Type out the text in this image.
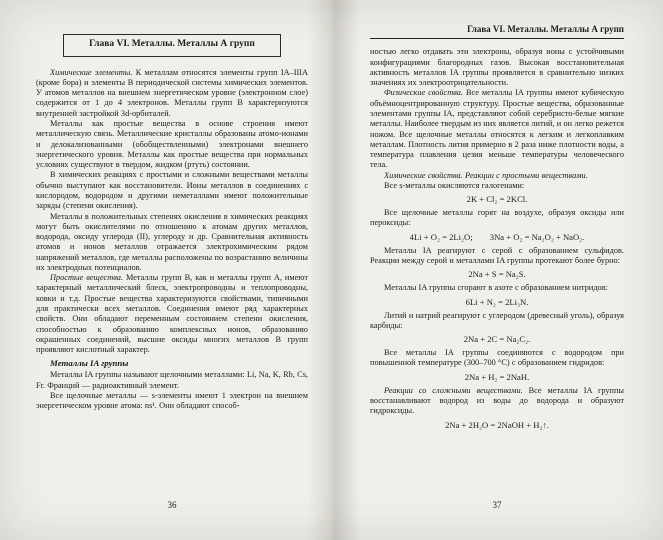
Глава VI. Металлы. Металлы А групп

Химические элементы. К металлам относятся элементы групп IA–IIIA (кроме бора) и элементы В периодической системы химических элементов. У атомов металлов на внешнем энергетическом уровне (электронном слое) содержится от 1 до 4 электронов. Металлы групп В характеризуются внутренней застройкой 3d-орбиталей.

Металлы как простые вещества в основе строения имеют металлическую связь. Металлические кристаллы образованы атомо-ионами и делокализованными (обобществленными) электронами внешнего энергетического уровня. Металлы как простые вещества при нормальных условиях существуют в твердом, жидком (ртуть) состоянии.

В химических реакциях с простыми и сложными веществами металлы обычно выступают как восстановители. Ионы металлов в соединениях с кислородом, водородом и другими неметаллами имеют положительные заряды (степени окисления).

Металлы в положительных степенях окисления в химических реакциях могут быть окислителями по отношению к атомам других металлов, водорода, оксиду углерода (II), углероду и др. Сравнительная активность атомов и ионов металлов отражается электрохимическим рядом напряжений металлов, где металлы расположены по возрастанию величины их электродных потенциалов.

Простые вещества. Металлы групп В, как и металлы групп А, имеют характерный металлический блеск, электропроводны и теплопроводны, ковки и т.д. Простые вещества характеризуются свойствами, типичными для практически всех металлов. Соединения имеют ряд характерных свойств. Они обладают переменным состоянием степени окисления, способностью к образованию комплексных ионов, образованию окрашенных соединений, высшие оксиды многих металлов В групп проявляют кислотный характер.

Металлы IA группы

Металлы IA группы называют щелочными металлами: Li, Na, K, Rb, Cs, Fr. Франций — радиоактивный элемент.

Все щелочные металлы — s-элементы имеют 1 электрон на внешнем энергетическом уровне атома: ns¹. Они обладают способ-

Глава VI. Металлы. Металлы А групп

ностью легко отдавать эти электроны, образуя ионы с устойчивыми конфигурациями благородных газов. Высокая восстановительная активность металлов IA группы проявляется в сравнительно низких значениях их электроотрицательности.

Физические свойства. Все металлы IA группы имеют кубическую объёмноцентрированную структуру. Простые вещества, образованные элементами группы IA, представляют собой серебристо-белые мягкие металлы. Наиболее твердым из них является литий, и он легко режется ножом. Все щелочные металлы относятся к легким и легкоплавким металлам. Плотность лития примерно в 2 раза ниже плотности воды, а температура плавления цезия меньше температуры человеческого тела.

Химические свойства. Реакции с простыми веществами.

Все s-металлы окисляются галогенами:

2K + Cl₂ = 2KCl.

Все щелочные металлы горят на воздухе, образуя оксиды или пероксиды:

4Li + O₂ = 2Li₂O;        3Na + O₂ = Na₂O₂ + NaO₂.

Металлы IA реагируют с серой с образованием сульфидов. Реакции между серой и металлами IA группы протекают более бурно:

2Na + S = Na₂S.

Металлы IA группы сгорают в азоте с образованием нитридов:

6Li + N₂ = 2Li₃N.

Литий и натрий реагируют с углеродом (древесный уголь), образуя карбиды:

2Na + 2C = Na₂C₂.

Все металлы IA группы соединяются с водородом при повышенной температуре (300–700 °C) с образованием гидридов:

2Na + H₂ = 2NaH.

Реакции со сложными веществами. Все металлы IA группы восстанавливают водород из воды до водорода и образуют гидроксиды.

2Na + 2H₂O = 2NaOH + H₂↑.
36	37
